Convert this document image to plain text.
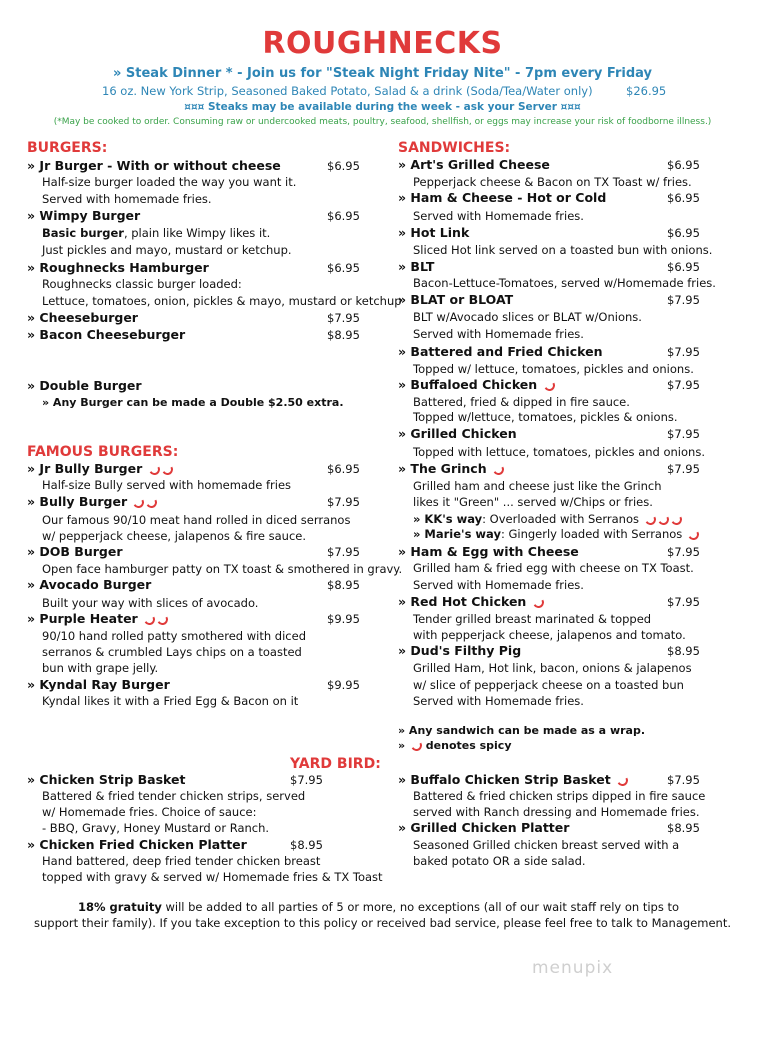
ROUGHNECKS
» Steak Dinner * - Join us for "Steak Night Friday Nite" - 7pm every Friday
16 oz. New York Strip, Seasoned Baked Potato, Salad & a drink (Soda/Tea/Water only)	$26.95
¤¤¤ Steaks may be available during the week - ask your Server ¤¤¤
(*May be cooked to order. Consuming raw or undercooked meats, poultry, seafood, shellfish, or eggs may increase your risk of foodborne illness.)
BURGERS:
» Jr Burger - With or without cheese	$6.95
Half-size burger loaded the way you want it.
Served with homemade fries.
» Wimpy Burger	$6.95
Basic burger, plain like Wimpy likes it.
Just pickles and mayo, mustard or ketchup.
» Roughnecks Hamburger	$6.95
Roughnecks classic burger loaded:
Lettuce, tomatoes, onion, pickles & mayo, mustard or ketchup
» Cheeseburger	$7.95
» Bacon Cheeseburger	$8.95
» Double Burger
» Any Burger can be made a Double $2.50 extra.
FAMOUS BURGERS:
» Jr Bully Burger	$6.95
Half-size Bully served with homemade fries
» Bully Burger	$7.95
Our famous 90/10 meat hand rolled in diced serranos
w/ pepperjack cheese, jalapenos & fire sauce.
» DOB Burger	$7.95
Open face hamburger patty on TX toast & smothered in gravy.
» Avocado Burger	$8.95
Built your way with slices of avocado.
» Purple Heater	$9.95
90/10 hand rolled patty smothered with diced
serranos & crumbled Lays chips on a toasted
bun with grape jelly.
» Kyndal Ray Burger	$9.95
Kyndal likes it with a Fried Egg & Bacon on it
SANDWICHES:
» Art's Grilled Cheese	$6.95
Pepperjack cheese & Bacon on TX Toast w/ fries.
» Ham & Cheese - Hot or Cold	$6.95
Served with Homemade fries.
» Hot Link	$6.95
Sliced Hot link served on a toasted bun with onions.
» BLT	$6.95
Bacon-Lettuce-Tomatoes, served w/Homemade fries.
» BLAT or BLOAT	$7.95
BLT w/Avocado slices or BLAT w/Onions.
Served with Homemade fries.
» Battered and Fried Chicken	$7.95
Topped w/ lettuce, tomatoes, pickles and onions.
» Buffaloed Chicken	$7.95
Battered, fried & dipped in fire sauce.
Topped w/lettuce, tomatoes, pickles & onions.
» Grilled Chicken	$7.95
Topped with lettuce, tomatoes, pickles and onions.
» The Grinch	$7.95
Grilled ham and cheese just like the Grinch
likes it "Green" ... served w/Chips or fries.
» KK's way: Overloaded with Serranos
» Marie's way: Gingerly loaded with Serranos
» Ham & Egg with Cheese	$7.95
Grilled ham & fried egg with cheese on TX Toast.
Served with Homemade fries.
» Red Hot Chicken	$7.95
Tender grilled breast marinated & topped
with pepperjack cheese, jalapenos and tomato.
» Dud's Filthy Pig	$8.95
Grilled Ham, Hot link, bacon, onions & jalapenos
w/ slice of pepperjack cheese on a toasted bun
Served with Homemade fries.
» Any sandwich can be made as a wrap.
» denotes spicy
YARD BIRD:
» Chicken Strip Basket	$7.95
Battered & fried tender chicken strips, served
w/ Homemade fries. Choice of sauce:
- BBQ, Gravy, Honey Mustard or Ranch.
» Chicken Fried Chicken Platter	$8.95
Hand battered, deep fried tender chicken breast
topped with gravy & served w/ Homemade fries & TX Toast
» Buffalo Chicken Strip Basket	$7.95
Battered & fried chicken strips dipped in fire sauce
served with Ranch dressing and Homemade fries.
» Grilled Chicken Platter	$8.95
Seasoned Grilled chicken breast served with a
baked potato OR a side salad.
18% gratuity will be added to all parties of 5 or more, no exceptions (all of our wait staff rely on tips to
support their family). If you take exception to this policy or received bad service, please feel free to talk to Management.
menupix
